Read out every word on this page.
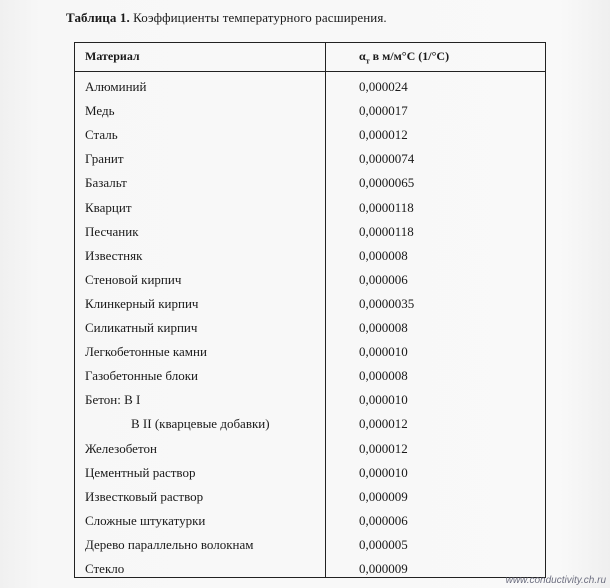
Таблица 1. Коэффициенты температурного расширения.
Материал	$\alpha_т$ в м/м°С (1/°С)
Алюминий	0,000024
Медь	0,000017
Сталь	0,000012
Гранит	0,0000074
Базальт	0,0000065
Кварцит	0,0000118
Песчаник	0,0000118
Известняк	0,000008
Стеновой кирпич	0,000006
Клинкерный кирпич	0,0000035
Силикатный кирпич	0,000008
Легкобетонные камни	0,000010
Газобетонные блоки	0,000008
Бетон: В I	0,000010
В II (кварцевые добавки)	0,000012
Железобетон	0,000012
Цементный раствор	0,000010
Известковый раствор	0,000009
Сложные штукатурки	0,000006
Дерево параллельно волокнам	0,000005
Стекло	0,000009
www.conductivity.ch.ru
